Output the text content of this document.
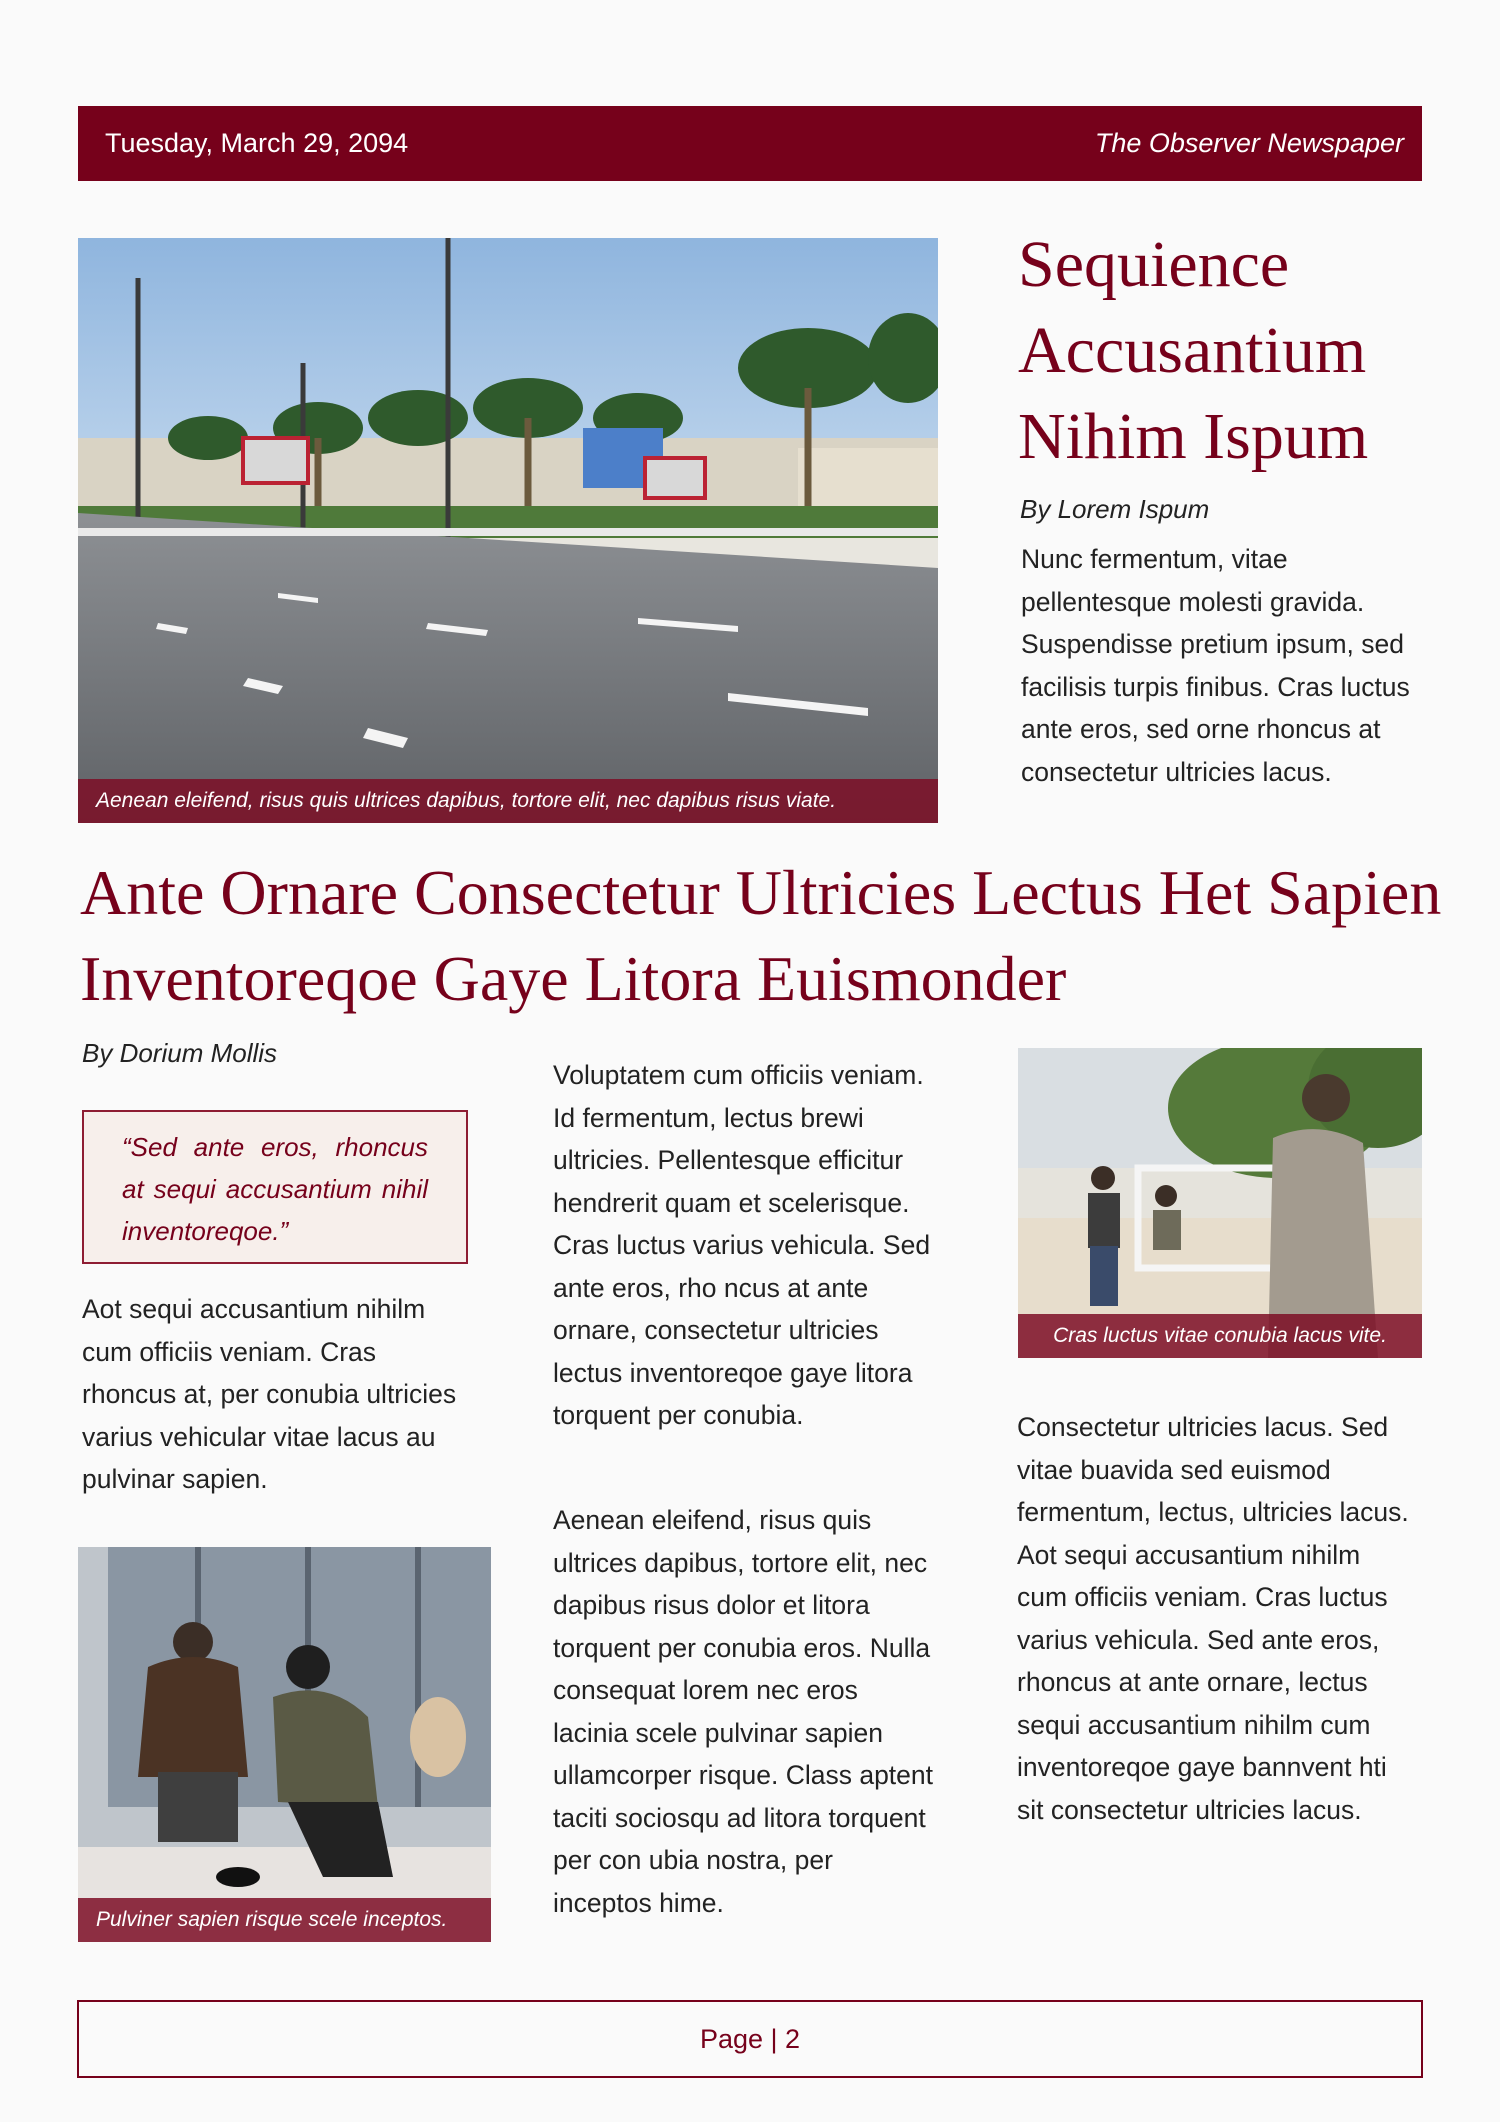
Tuesday, March 29, 2094	The Observer Newspaper
Aenean eleifend, risus quis ultrices dapibus, tortore elit, nec dapibus risus viate.
Sequience Accusantium Nihim Ispum
By Lorem Ispum

Nunc fermentum, vitae pellentesque molesti gravida. Suspendisse pretium ipsum, sed facilisis turpis finibus. Cras luctus ante eros, sed orne rhoncus at consectetur ultricies lacus.

Ante Ornare Consectetur Ultricies Lectus Het Sapien Inventoreqoe Gaye Litora Euismonder
By Dorium Mollis
“Sed ante eros, rhoncus at sequi accusantium nihil inventoreqoe.”

Aot sequi accusantium nihilm cum officiis veniam. Cras rhoncus at, per conubia ultricies varius vehicular vitae lacus au pulvinar sapien.

Pulviner sapien risque scele inceptos.

Voluptatem cum officiis veniam. Id fermentum, lectus brewi ultricies. Pellentesque efficitur hendrerit quam et scelerisque. Cras luctus varius vehicula. Sed ante eros, rho ncus at ante ornare, consectetur ultricies lectus inventoreqoe gaye litora torquent per conubia.

Aenean eleifend, risus quis ultrices dapibus, tortore elit, nec dapibus risus dolor et litora torquent per conubia eros. Nulla consequat lorem nec eros lacinia scele pulvinar sapien ullamcorper risque. Class aptent taciti sociosqu ad litora torquent per con ubia nostra, per inceptos hime.

Cras luctus vitae conubia lacus vite.

Consectetur ultricies lacus. Sed vitae buavida sed euismod fermentum, lectus, ultricies lacus. Aot sequi accusantium nihilm cum officiis veniam. Cras luctus varius vehicula. Sed ante eros, rhoncus at ante ornare, lectus sequi accusantium nihilm cum inventoreqoe gaye bannvent hti sit consectetur ultricies lacus.

Page | 2
